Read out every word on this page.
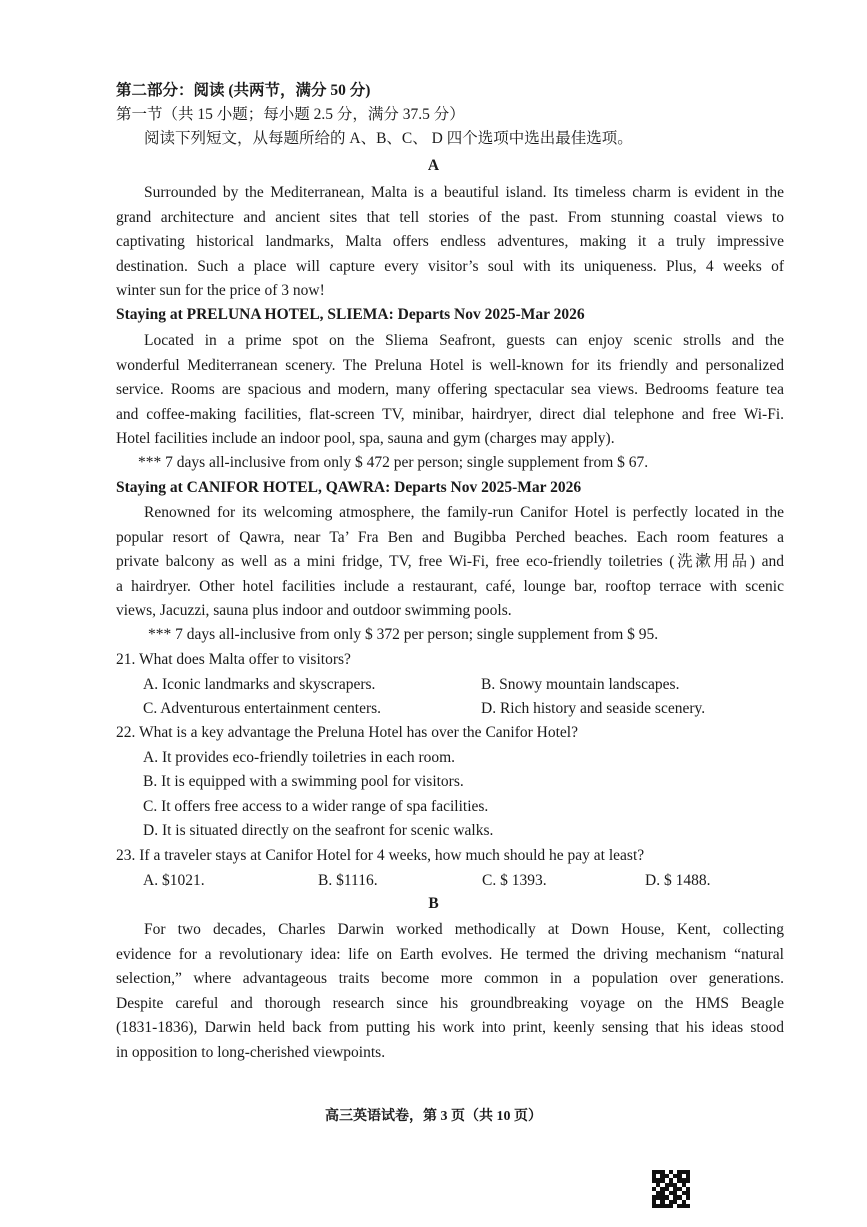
第二部分：阅读 (共两节，满分 50 分)
第一节（共 15 小题；每小题 2.5 分，满分 37.5 分）
阅读下列短文，从每题所给的 A、B、C、 D 四个选项中选出最佳选项。
A
Surrounded by the Mediterranean, Malta is a beautiful island. Its timeless charm is evident in the
grand architecture and ancient sites that tell stories of the past. From stunning coastal views to
captivating historical landmarks, Malta offers endless adventures, making it a truly impressive
destination. Such a place will capture every visitor’s soul with its uniqueness. Plus, 4 weeks of
winter sun for the price of 3 now!
Staying at PRELUNA HOTEL, SLIEMA: Departs Nov 2025-Mar 2026
Located in a prime spot on the Sliema Seafront, guests can enjoy scenic strolls and the
wonderful Mediterranean scenery. The Preluna Hotel is well-known for its friendly and personalized
service. Rooms are spacious and modern, many offering spectacular sea views. Bedrooms feature tea
and coffee-making facilities, flat-screen TV, minibar, hairdryer, direct dial telephone and free Wi-Fi.
Hotel facilities include an indoor pool, spa, sauna and gym (charges may apply).
*** 7 days all-inclusive from only $ 472 per person; single supplement from $ 67.
Staying at CANIFOR HOTEL, QAWRA: Departs Nov 2025-Mar 2026
Renowned for its welcoming atmosphere, the family-run Canifor Hotel is perfectly located in the
popular resort of Qawra, near Ta’ Fra Ben and Bugibba Perched beaches. Each room features a
private balcony as well as a mini fridge, TV, free Wi-Fi, free eco-friendly toiletries (洗漱用品) and
a hairdryer. Other hotel facilities include a restaurant, café, lounge bar, rooftop terrace with scenic
views, Jacuzzi, sauna plus indoor and outdoor swimming pools.
*** 7 days all-inclusive from only $ 372 per person; single supplement from $ 95.
21. What does Malta offer to visitors?
A. Iconic landmarks and skyscrapers.	B. Snowy mountain landscapes.
C. Adventurous entertainment centers.	D. Rich history and seaside scenery.
22. What is a key advantage the Preluna Hotel has over the Canifor Hotel?
A. It provides eco-friendly toiletries in each room.
B. It is equipped with a swimming pool for visitors.
C. It offers free access to a wider range of spa facilities.
D. It is situated directly on the seafront for scenic walks.
23. If a traveler stays at Canifor Hotel for 4 weeks, how much should he pay at least?
A. $1021.	B. $1116.	C. $ 1393.	D. $ 1488.
B
For two decades, Charles Darwin worked methodically at Down House, Kent, collecting
evidence for a revolutionary idea: life on Earth evolves. He termed the driving mechanism “natural
selection,” where advantageous traits become more common in a population over generations.
Despite careful and thorough research since his groundbreaking voyage on the HMS Beagle
(1831-1836), Darwin held back from putting his work into print, keenly sensing that his ideas stood
in opposition to long-cherished viewpoints.
高三英语试卷，第 3 页（共 10 页）
